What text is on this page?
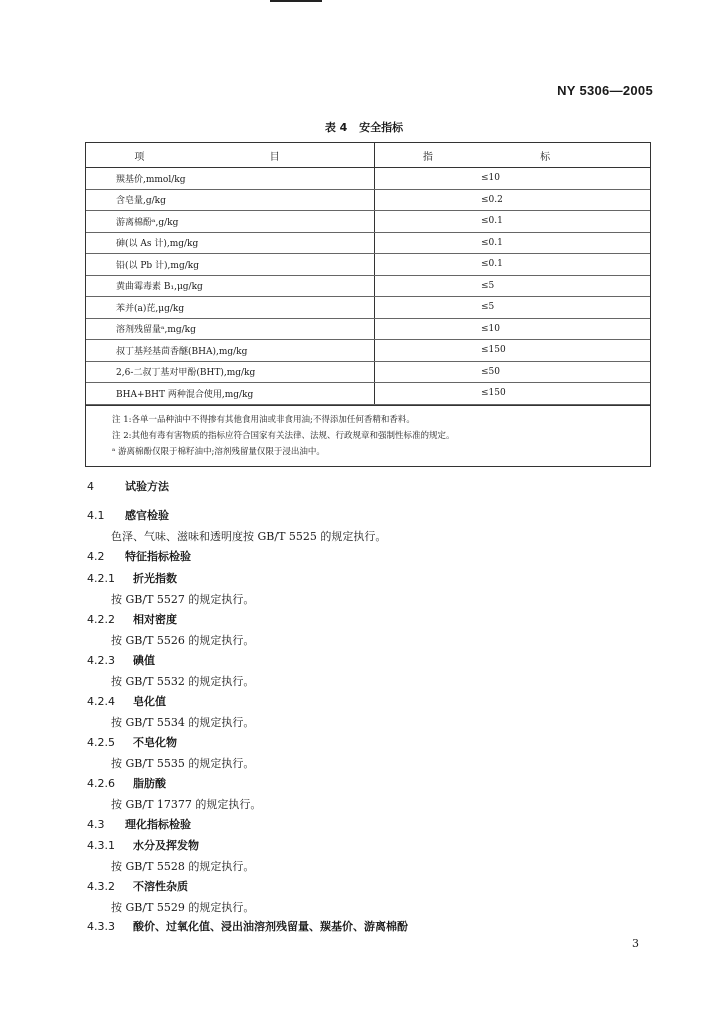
NY 5306—2005
表 4 安全指标
项 目	指 标
羰基价,mmol/kg	≤10
含皂量,g/kg	≤0.2
游离棉酚ᵃ,g/kg	≤0.1
砷(以 As 计),mg/kg	≤0.1
铅(以 Pb 计),mg/kg	≤0.1
黄曲霉毒素 B₁,μg/kg	≤5
苯并(a)芘,μg/kg	≤5
溶剂残留量ᵃ,mg/kg	≤10
叔丁基羟基茴香醚(BHA),mg/kg	≤150
2,6-二叔丁基对甲酚(BHT),mg/kg	≤50
BHA+BHT 两种混合使用,mg/kg	≤150
注 1:各单一品种油中不得掺有其他食用油或非食用油;不得添加任何香精和香料。
注 2:其他有毒有害物质的指标应符合国家有关法律、法规、行政规章和强制性标准的规定。
ᵃ 游离棉酚仅限于棉籽油中;溶剂残留量仅限于浸出油中。
4	试验方法
4.1 感官检验
色泽、气味、滋味和透明度按 GB/T 5525 的规定执行。
4.2 特征指标检验
4.2.1 折光指数
按 GB/T 5527 的规定执行。
4.2.2 相对密度
按 GB/T 5526 的规定执行。
4.2.3 碘值
按 GB/T 5532 的规定执行。
4.2.4 皂化值
按 GB/T 5534 的规定执行。
4.2.5 不皂化物
按 GB/T 5535 的规定执行。
4.2.6 脂肪酸
按 GB/T 17377 的规定执行。
4.3 理化指标检验
4.3.1 水分及挥发物
按 GB/T 5528 的规定执行。
4.3.2 不溶性杂质
按 GB/T 5529 的规定执行。
4.3.3 酸价、过氧化值、浸出油溶剂残留量、羰基价、游离棉酚
3
